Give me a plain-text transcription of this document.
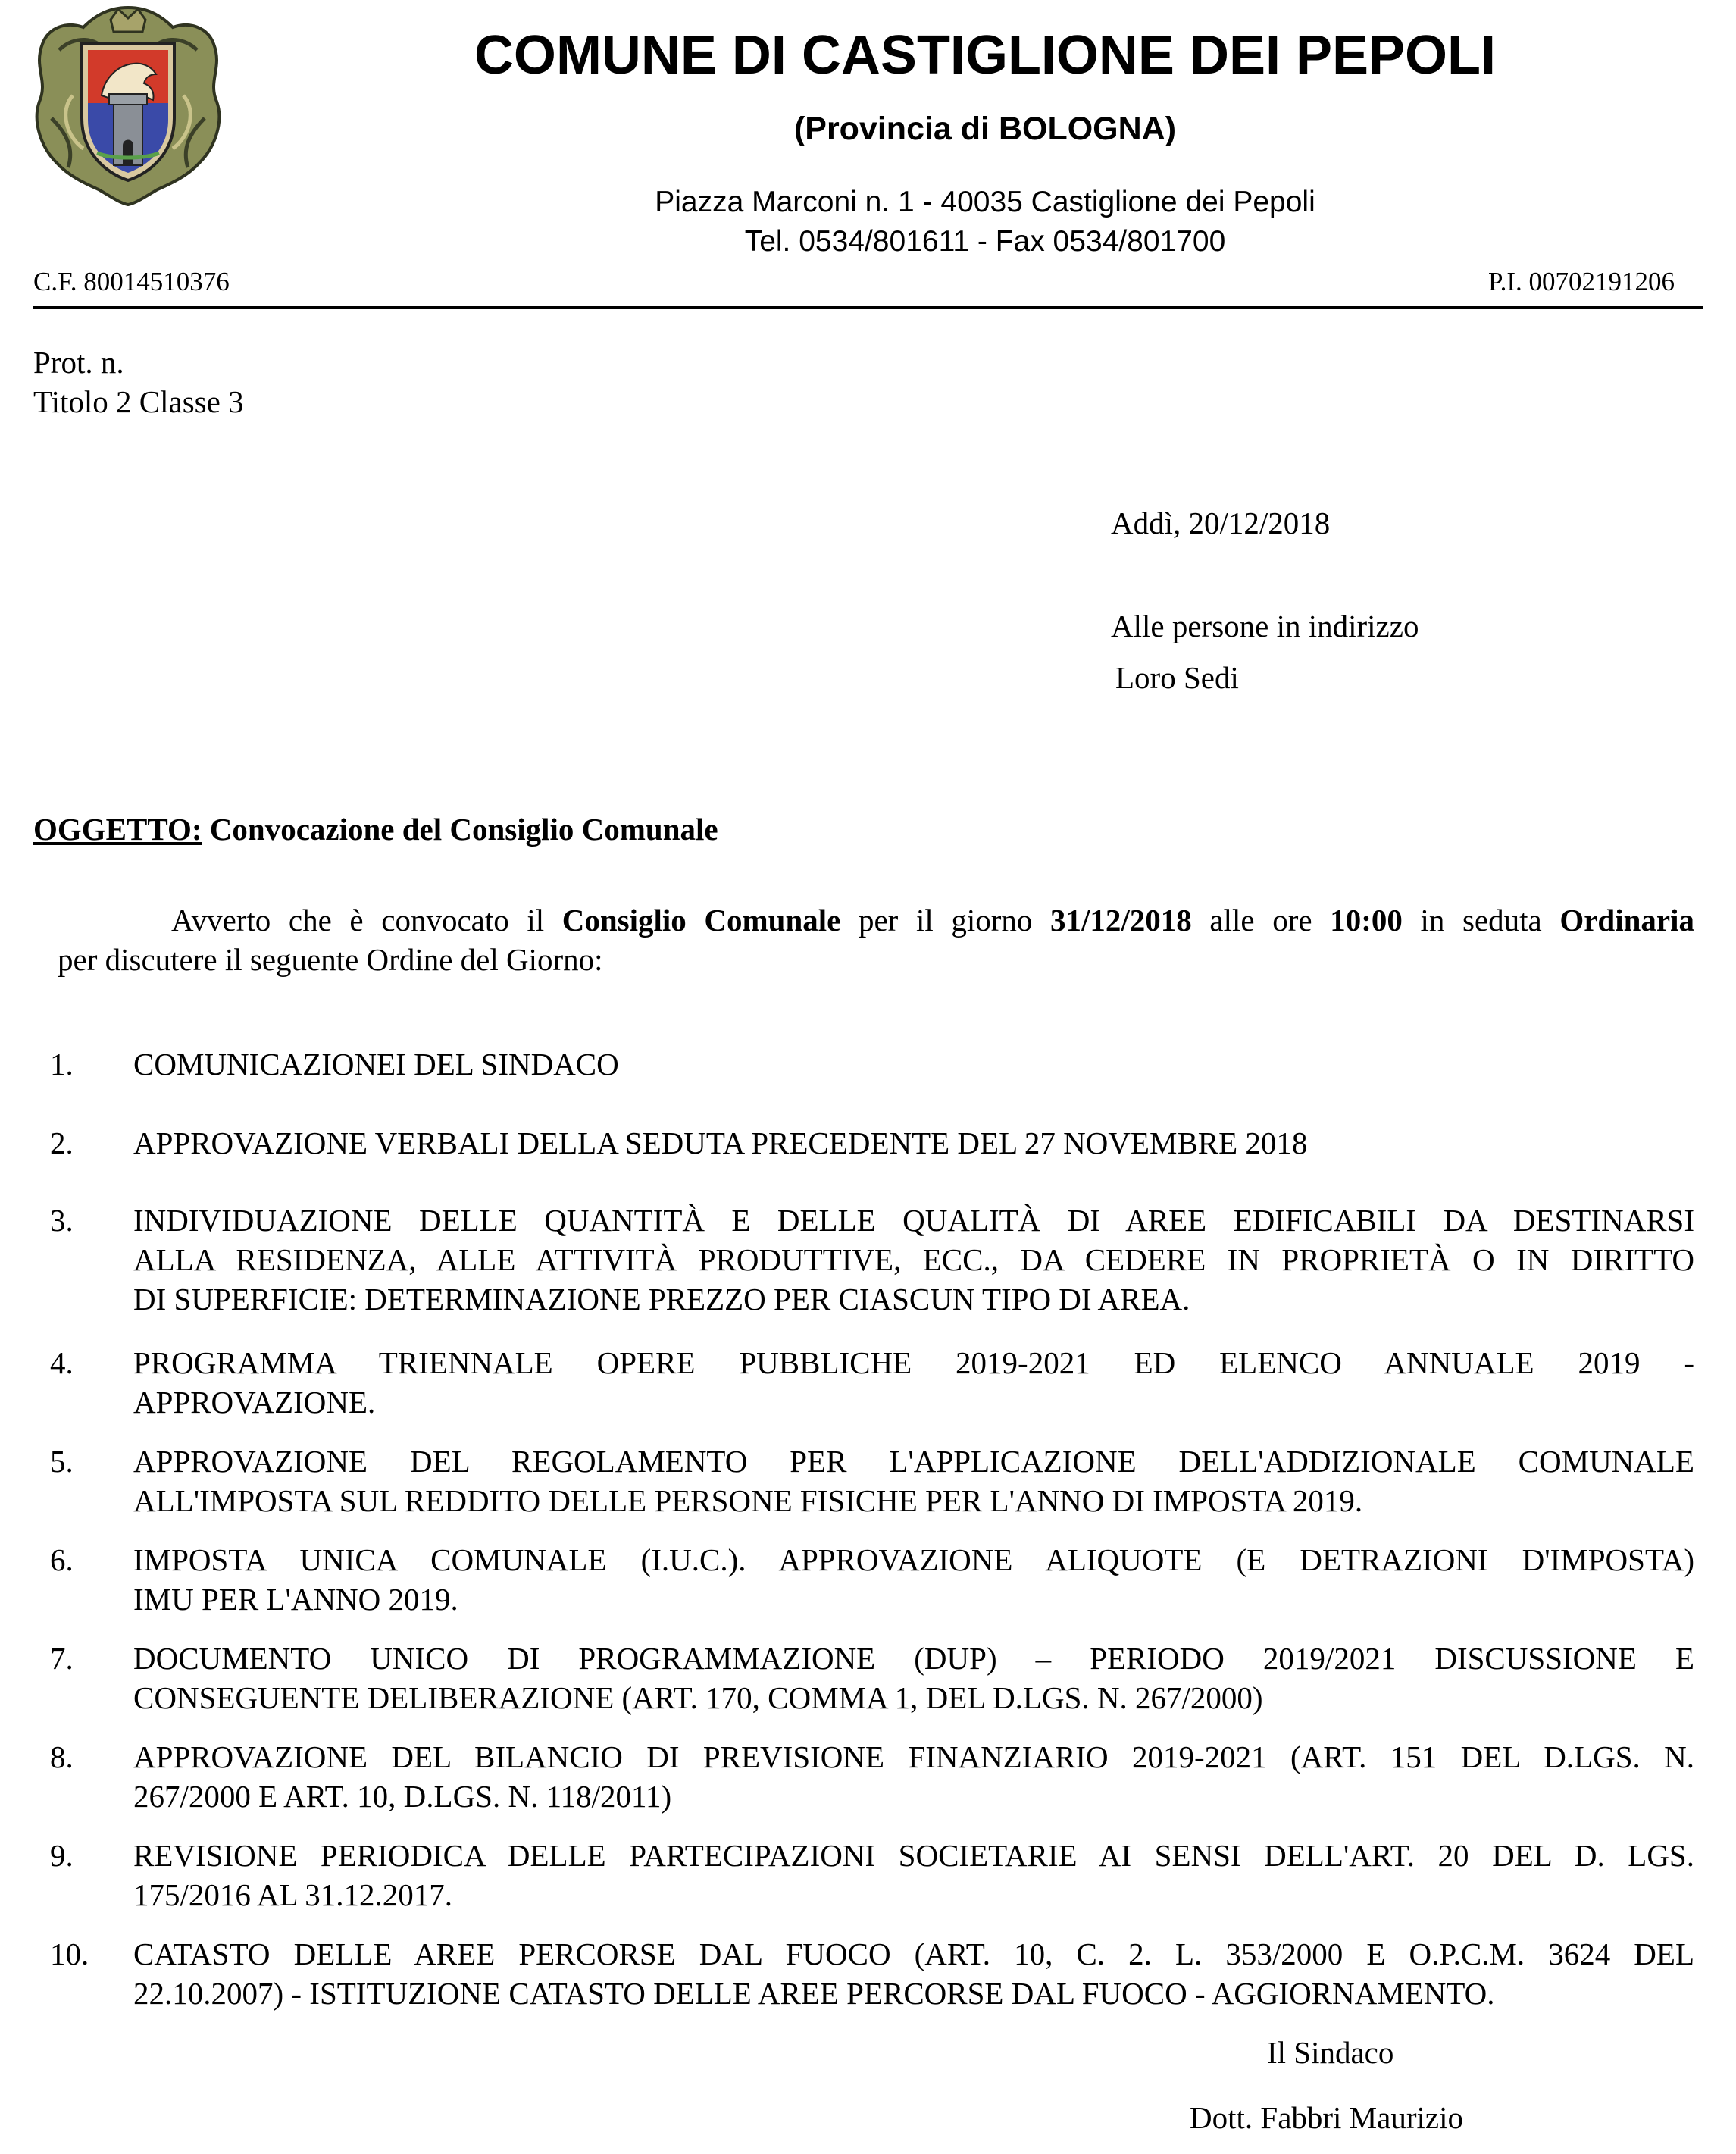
COMUNE DI CASTIGLIONE DEI PEPOLI
(Provincia di BOLOGNA)
Piazza Marconi n. 1 - 40035 Castiglione dei Pepoli
Tel. 0534/801611 - Fax 0534/801700
C.F. 80014510376	P.I. 00702191206
Prot. n.
Titolo 2 Classe 3
Addì, 20/12/2018
Alle persone in indirizzo
Loro Sedi
OGGETTO: Convocazione del Consiglio Comunale
Avverto che è convocato il Consiglio Comunale per il giorno 31/12/2018 alle ore 10:00 in seduta Ordinaria
per discutere il seguente Ordine del Giorno:
1.	COMUNICAZIONEI DEL SINDACO
2.	APPROVAZIONE VERBALI DELLA SEDUTA PRECEDENTE DEL 27 NOVEMBRE 2018
3.	INDIVIDUAZIONE DELLE QUANTITÀ E DELLE QUALITÀ DI AREE EDIFICABILI DA DESTINARSI
ALLA RESIDENZA, ALLE ATTIVITÀ PRODUTTIVE, ECC., DA CEDERE IN PROPRIETÀ O IN DIRITTO
DI SUPERFICIE: DETERMINAZIONE PREZZO PER CIASCUN TIPO DI AREA.
4.	PROGRAMMA TRIENNALE OPERE PUBBLICHE 2019-2021 ED ELENCO ANNUALE 2019 -
APPROVAZIONE.
5.	APPROVAZIONE DEL REGOLAMENTO PER L'APPLICAZIONE DELL'ADDIZIONALE COMUNALE
ALL'IMPOSTA SUL REDDITO DELLE PERSONE FISICHE PER L'ANNO DI IMPOSTA 2019.
6.	IMPOSTA UNICA COMUNALE (I.U.C.). APPROVAZIONE ALIQUOTE (E DETRAZIONI D'IMPOSTA)
IMU PER L'ANNO 2019.
7.	DOCUMENTO UNICO DI PROGRAMMAZIONE (DUP) – PERIODO 2019/2021 DISCUSSIONE E
CONSEGUENTE DELIBERAZIONE (ART. 170, COMMA 1, DEL D.LGS. N. 267/2000)
8.	APPROVAZIONE DEL BILANCIO DI PREVISIONE FINANZIARIO 2019-2021 (ART. 151 DEL D.LGS. N.
267/2000 E ART. 10, D.LGS. N. 118/2011)
9.	REVISIONE PERIODICA DELLE PARTECIPAZIONI SOCIETARIE AI SENSI DELL'ART. 20 DEL D. LGS.
175/2016 AL 31.12.2017.
10.	CATASTO DELLE AREE PERCORSE DAL FUOCO (ART. 10, C. 2. L. 353/2000 E O.P.C.M. 3624 DEL
22.10.2007) - ISTITUZIONE CATASTO DELLE AREE PERCORSE DAL FUOCO - AGGIORNAMENTO.
Il Sindaco
Dott. Fabbri Maurizio
